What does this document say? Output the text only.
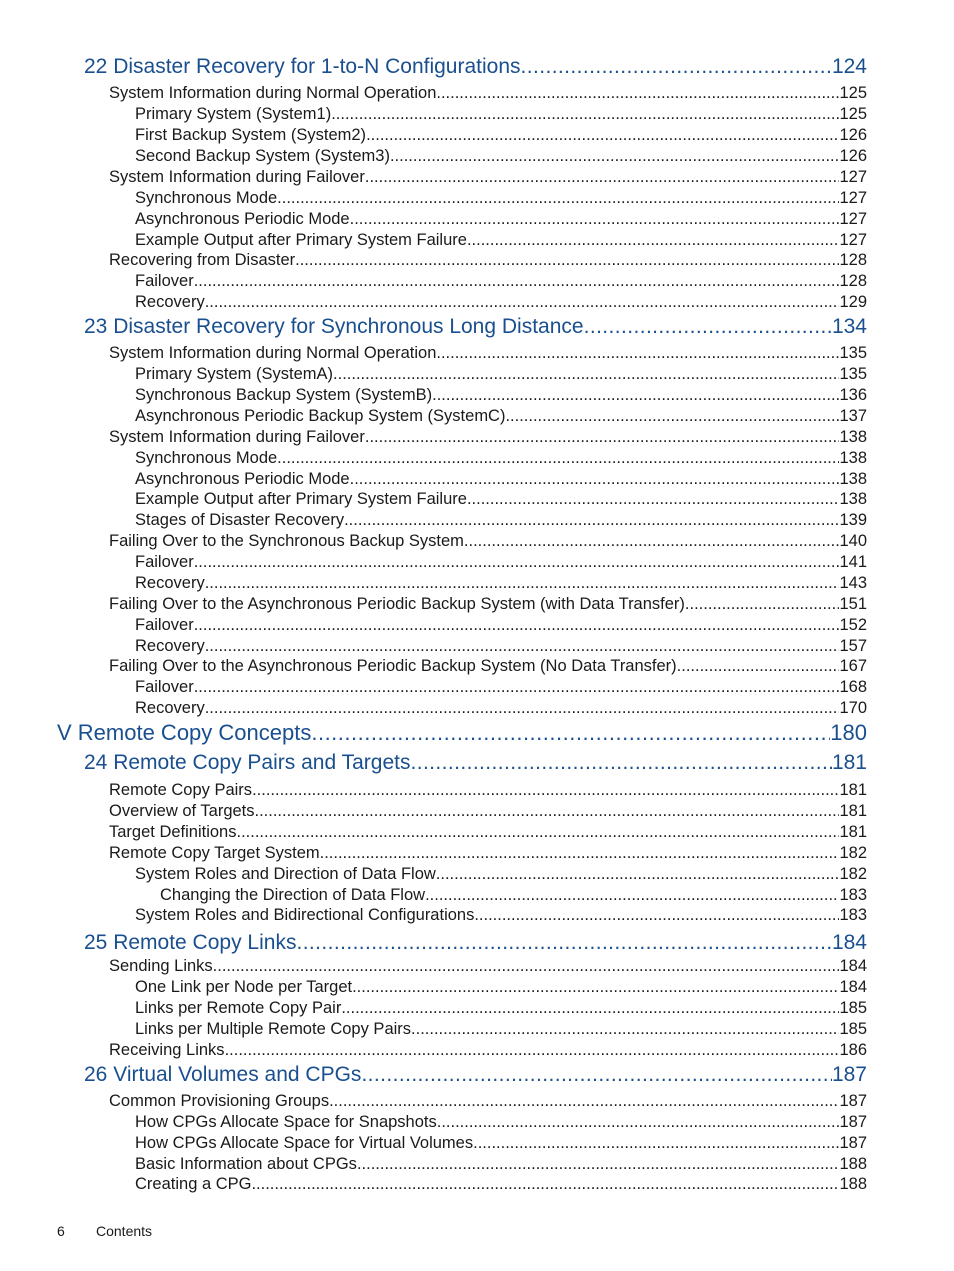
22 Disaster Recovery for 1-to-N Configurations .....	124
System Information during Normal Operation .....	125
Primary System (System1) .....	125
First Backup System (System2) .....	126
Second Backup System (System3) .....	126
System Information during Failover .....	127
Synchronous Mode .....	127
Asynchronous Periodic Mode .....	127
Example Output after Primary System Failure .....	127
Recovering from Disaster .....	128
Failover .....	128
Recovery .....	129
23 Disaster Recovery for Synchronous Long Distance .....	134
System Information during Normal Operation .....	135
Primary System (SystemA) .....	135
Synchronous Backup System (SystemB) .....	136
Asynchronous Periodic Backup System (SystemC) .....	137
System Information during Failover .....	138
Synchronous Mode .....	138
Asynchronous Periodic Mode .....	138
Example Output after Primary System Failure .....	138
Stages of Disaster Recovery .....	139
Failing Over to the Synchronous Backup System .....	140
Failover .....	141
Recovery .....	143
Failing Over to the Asynchronous Periodic Backup System (with Data Transfer) .....	151
Failover .....	152
Recovery .....	157
Failing Over to the Asynchronous Periodic Backup System (No Data Transfer) .....	167
Failover .....	168
Recovery .....	170
V Remote Copy Concepts .....	180
24 Remote Copy Pairs and Targets .....	181
Remote Copy Pairs .....	181
Overview of Targets .....	181
Target Definitions .....	181
Remote Copy Target System .....	182
System Roles and Direction of Data Flow .....	182
Changing the Direction of Data Flow .....	183
System Roles and Bidirectional Configurations .....	183
25 Remote Copy Links .....	184
Sending Links .....	184
One Link per Node per Target .....	184
Links per Remote Copy Pair .....	185
Links per Multiple Remote Copy Pairs .....	185
Receiving Links .....	186
26 Virtual Volumes and CPGs .....	187
Common Provisioning Groups .....	187
How CPGs Allocate Space for Snapshots .....	187
How CPGs Allocate Space for Virtual Volumes .....	187
Basic Information about CPGs .....	188
Creating a CPG .....	188
6 Contents
